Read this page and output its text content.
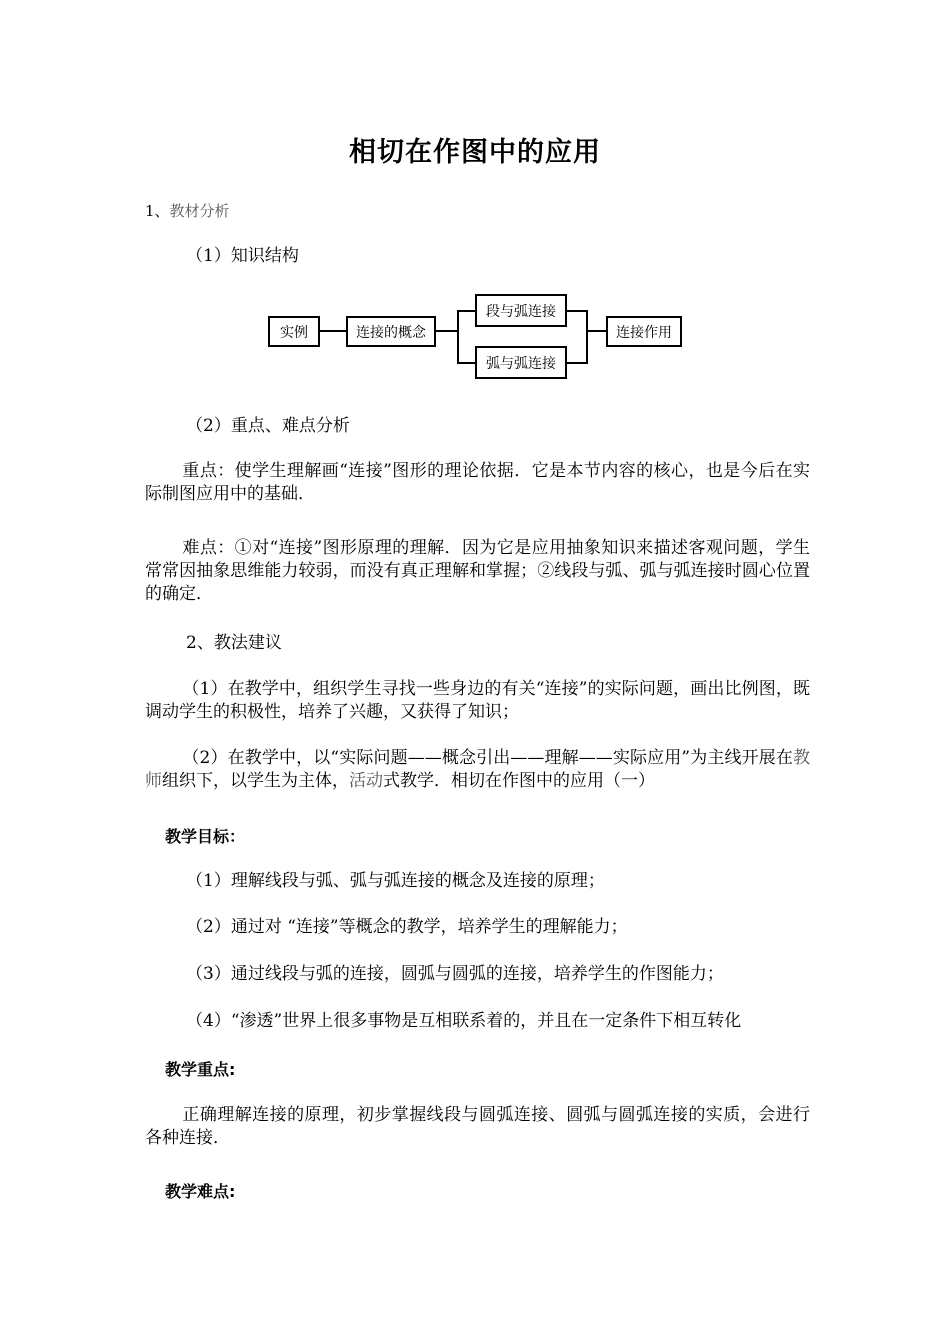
相切在作图中的应用
1、教材分析
（1）知识结构
实例	连接的概念
段与弧连接
弧与弧连接
连接作用
（2）重点、难点分析
重点：使学生理解画“连接”图形的理论依据．它是本节内容的核心，也是今后在实际制图应用中的基础．
难点：①对“连接”图形原理的理解．因为它是应用抽象知识来描述客观问题，学生常常因抽象思维能力较弱，而没有真正理解和掌握；②线段与弧、弧与弧连接时圆心位置的确定．
2、教法建议
（1）在教学中，组织学生寻找一些身边的有关“连接”的实际问题，画出比例图，既调动学生的积极性，培养了兴趣，又获得了知识；
（2）在教学中，以“实际问题——概念引出——理解——实际应用”为主线开展在教师组织下，以学生为主体，活动式教学．相切在作图中的应用（一）
教学目标：
（1）理解线段与弧、弧与弧连接的概念及连接的原理；
（2）通过对 “连接”等概念的教学，培养学生的理解能力；
（3）通过线段与弧的连接，圆弧与圆弧的连接，培养学生的作图能力；
（4）“渗透”世界上很多事物是互相联系着的，并且在一定条件下相互转化
教学重点:
正确理解连接的原理，初步掌握线段与圆弧连接、圆弧与圆弧连接的实质，会进行各种连接．
教学难点:
